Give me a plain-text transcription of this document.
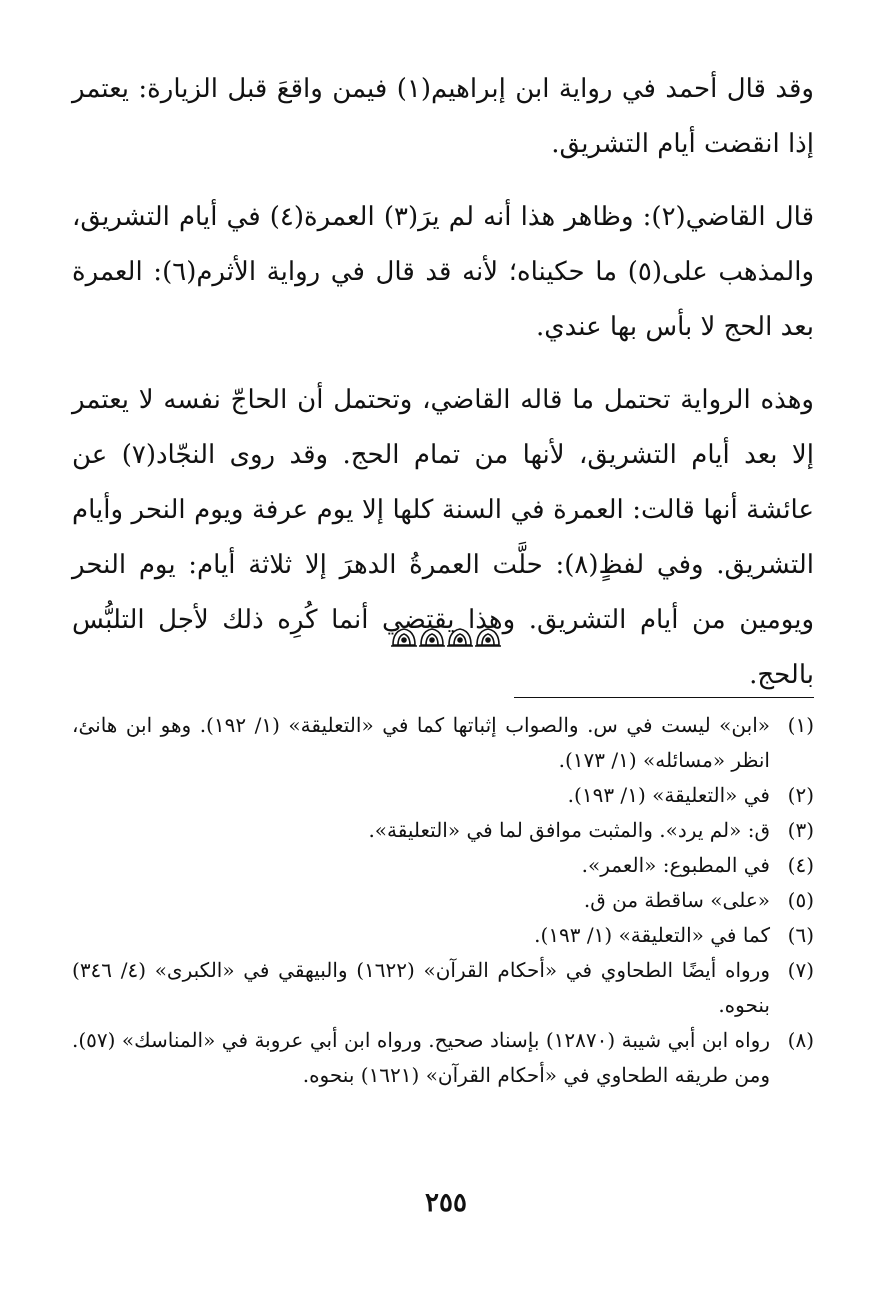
وقد قال أحمد في رواية ابن إبراهيم(١) فيمن واقعَ قبل الزيارة: يعتمر إذا انقضت أيام التشريق.

قال القاضي(٢): وظاهر هذا أنه لم يرَ(٣) العمرة(٤) في أيام التشريق، والمذهب على(٥) ما حكيناه؛ لأنه قد قال في رواية الأثرم(٦): العمرة بعد الحج لا بأس بها عندي.

وهذه الرواية تحتمل ما قاله القاضي، وتحتمل أن الحاجّ نفسه لا يعتمر إلا بعد أيام التشريق، لأنها من تمام الحج. وقد روى النجّاد(٧) عن عائشة أنها قالت: العمرة في السنة كلها إلا يوم عرفة ويوم النحر وأيام التشريق. وفي لفظٍ(٨): حلَّت العمرةُ الدهرَ إلا ثلاثة أيام: يوم النحر ويومين من أيام التشريق. وهذا يقتضي أنما كُرِه ذلك لأجل التلبُّس بالحج.

(١)
«ابن» ليست في س. والصواب إثباتها كما في «التعليقة» (١/ ١٩٢). وهو ابن هانئ، انظر «مسائله» (١/ ١٧٣).
(٢)
في «التعليقة» (١/ ١٩٣).
(٣)
ق: «لم يرد». والمثبت موافق لما في «التعليقة».
(٤)
في المطبوع: «العمر».
(٥)
«على» ساقطة من ق.
(٦)
كما في «التعليقة» (١/ ١٩٣).
(٧)
ورواه أيضًا الطحاوي في «أحكام القرآن» (١٦٢٢) والبيهقي في «الكبرى» (٤/ ٣٤٦) بنحوه.
(٨)
رواه ابن أبي شيبة (١٢٨٧٠) بإسناد صحيح. ورواه ابن أبي عروبة في «المناسك» (٥٧). ومن طريقه الطحاوي في «أحكام القرآن» (١٦٢١) بنحوه.
٢٥٥
